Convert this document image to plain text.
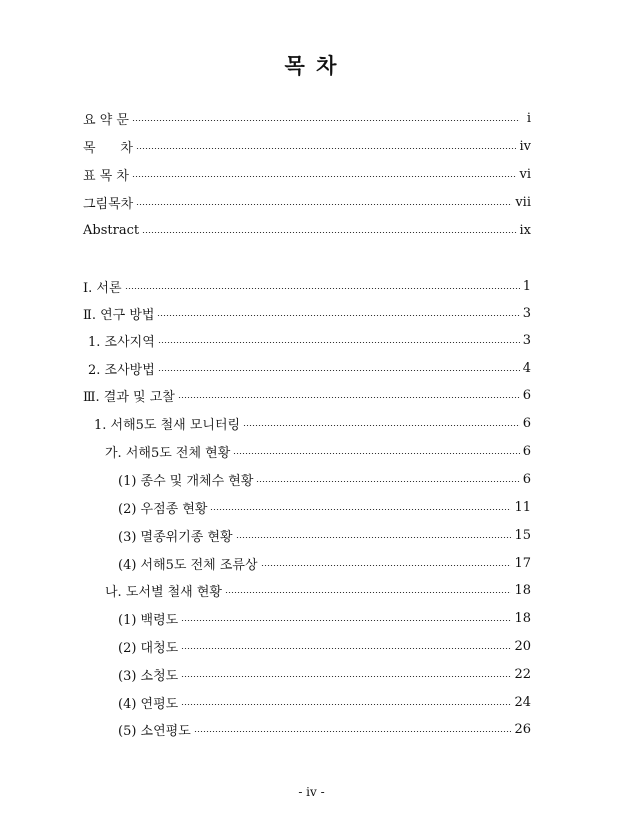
목 차
요 약 문	i
목      차	iv
표 목 차	vi
그림목차	vii
Abstract	ix
Ⅰ. 서론	1
Ⅱ. 연구 방법	3
1. 조사지역	3
2. 조사방법	4
Ⅲ. 결과 및 고찰	6
1. 서해5도 철새 모니터링	6
가. 서해5도 전체 현황	6
(1) 종수 및 개체수 현황	6
(2) 우점종 현황	11
(3) 멸종위기종 현황	15
(4) 서해5도 전체 조류상	17
나. 도서별 철새 현황	18
(1) 백령도	18
(2) 대청도	20
(3) 소청도	22
(4) 연평도	24
(5) 소연평도	26
- iv -
